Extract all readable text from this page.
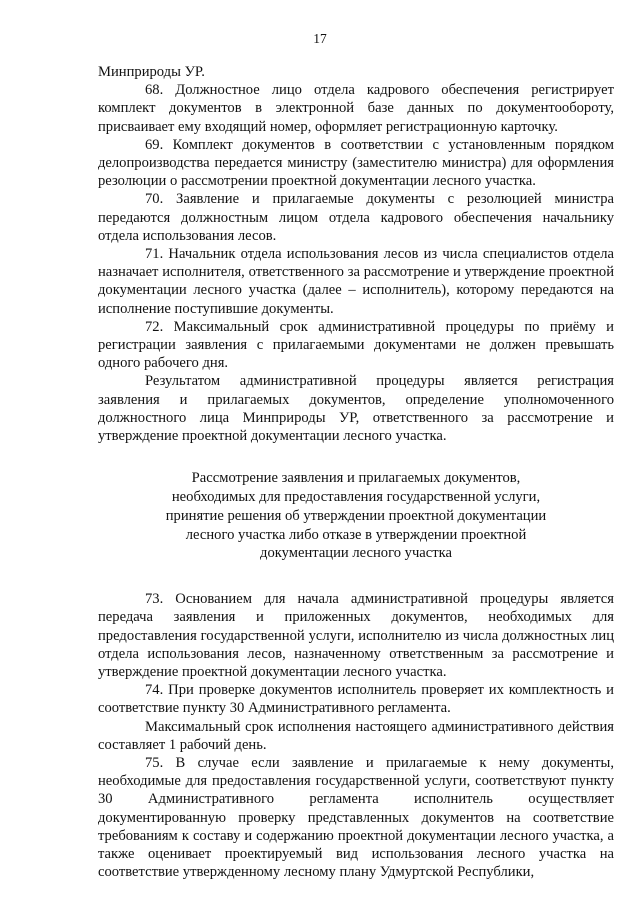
17

Минприроды УР.

68. Должностное лицо отдела кадрового обеспечения регистрирует комплект документов в электронной базе данных по документообороту, присваивает ему входящий номер, оформляет регистрационную карточку.

69. Комплект документов в соответствии с установленным порядком делопроизводства передается министру (заместителю министра) для оформления резолюции о рассмотрении проектной документации лесного участка.

70. Заявление и прилагаемые документы с резолюцией министра передаются должностным лицом отдела кадрового обеспечения начальнику отдела использования лесов.

71. Начальник отдела использования лесов из числа специалистов отдела назначает исполнителя, ответственного за рассмотрение и утверждение проектной документации лесного участка (далее – исполнитель), которому передаются на исполнение поступившие документы.

72. Максимальный срок административной процедуры по приёму и регистрации заявления с прилагаемыми документами не должен превышать одного рабочего дня.

Результатом административной процедуры является регистрация заявления и прилагаемых документов, определение уполномоченного должностного лица Минприроды УР, ответственного за рассмотрение и утверждение проектной документации лесного участка.

Рассмотрение заявления и прилагаемых документов,
необходимых для предоставления государственной услуги,
принятие решения об утверждении проектной документации
лесного участка либо отказе в утверждении проектной
документации лесного участка

73. Основанием для начала административной процедуры является передача заявления и приложенных документов, необходимых для предоставления государственной услуги, исполнителю из числа должностных лиц отдела использования лесов, назначенному ответственным за рассмотрение и утверждение проектной документации лесного участка.

74. При проверке документов исполнитель проверяет их комплектность и соответствие пункту 30 Административного регламента.

Максимальный срок исполнения настоящего административного действия составляет 1 рабочий день.

75. В случае если заявление и прилагаемые к нему документы, необходимые для предоставления государственной услуги, соответствуют пункту 30 Административного регламента исполнитель осуществляет документированную проверку представленных документов на соответствие требованиям к составу и содержанию проектной документации лесного участка, а также оценивает проектируемый вид использования лесного участка на соответствие утвержденному лесному плану Удмуртской Республики,
